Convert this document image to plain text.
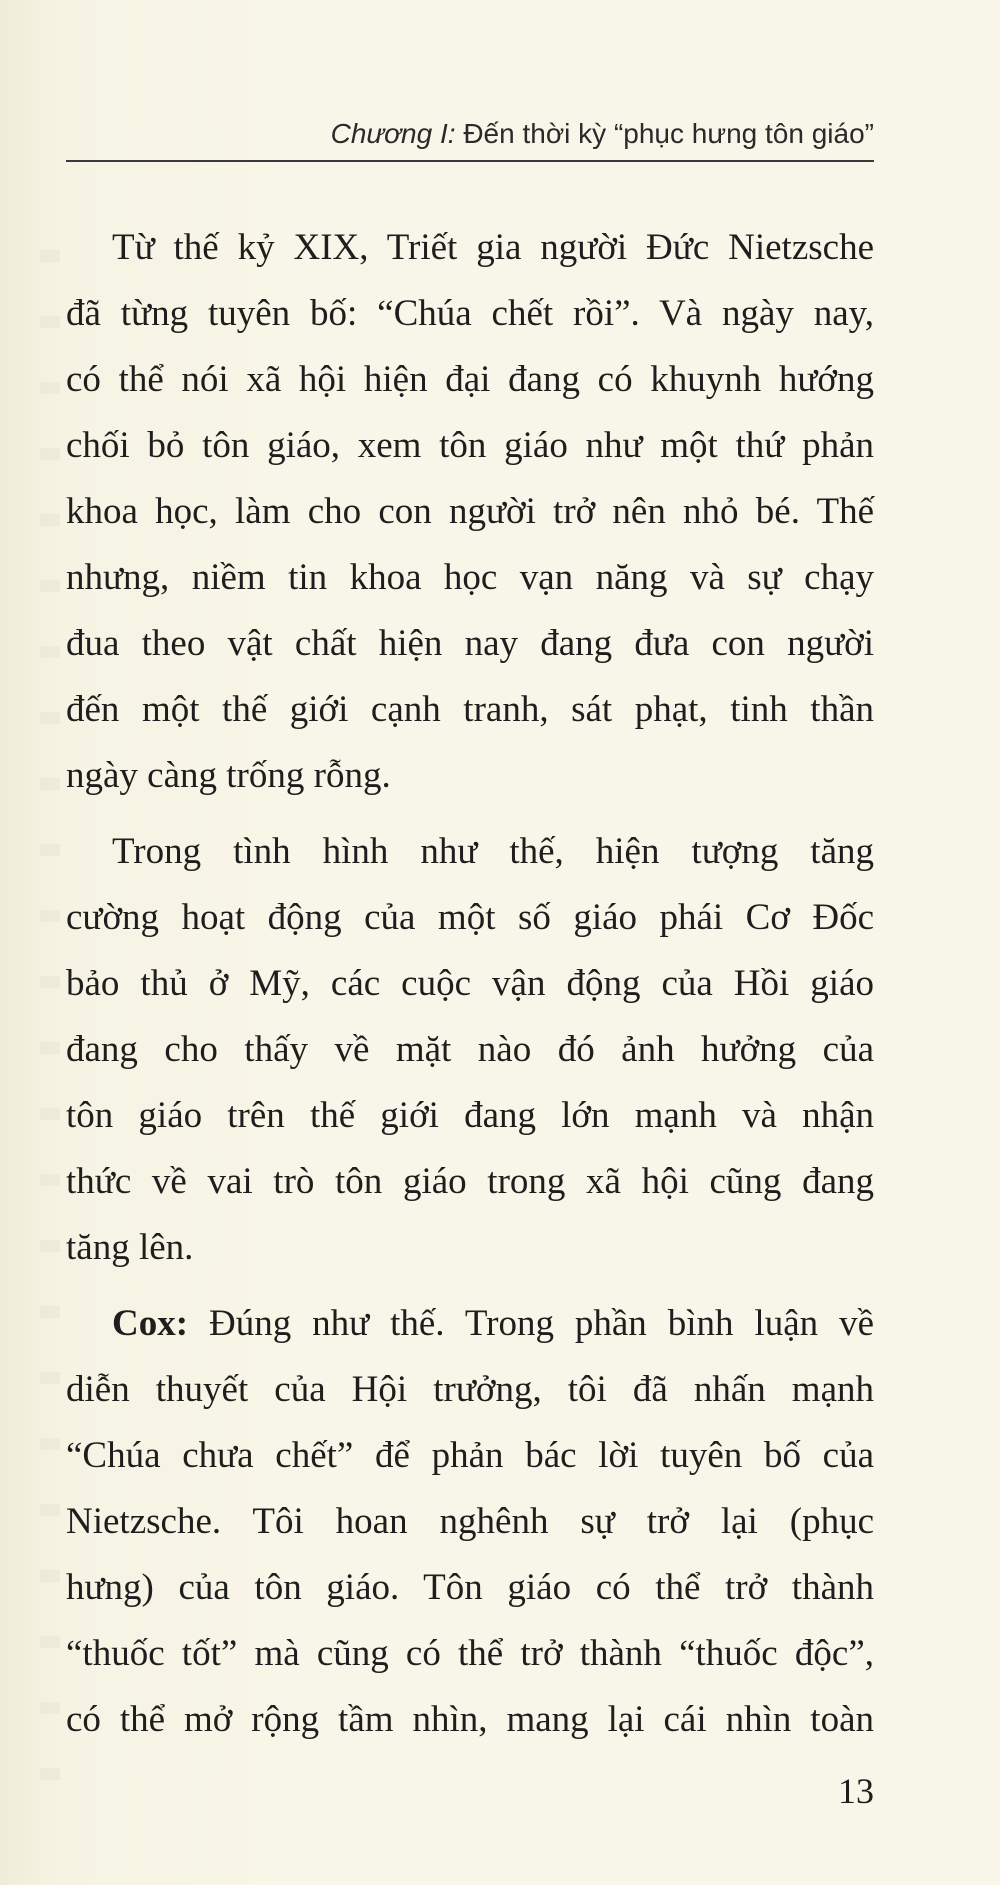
Chương I: Đến thời kỳ “phục hưng tôn giáo”
Từ thế kỷ XIX, Triết gia người Đức Nietzsche
đã từng tuyên bố: “Chúa chết rồi”. Và ngày nay,
có thể nói xã hội hiện đại đang có khuynh hướng
chối bỏ tôn giáo, xem tôn giáo như một thứ phản
khoa học, làm cho con người trở nên nhỏ bé. Thế
nhưng, niềm tin khoa học vạn năng và sự chạy
đua theo vật chất hiện nay đang đưa con người
đến một thế giới cạnh tranh, sát phạt, tinh thần
ngày càng trống rỗng.
Trong tình hình như thế, hiện tượng tăng
cường hoạt động của một số giáo phái Cơ Đốc
bảo thủ ở Mỹ, các cuộc vận động của Hồi giáo
đang cho thấy về mặt nào đó ảnh hưởng của
tôn giáo trên thế giới đang lớn mạnh và nhận
thức về vai trò tôn giáo trong xã hội cũng đang
tăng lên.
Cox: Đúng như thế. Trong phần bình luận về
diễn thuyết của Hội trưởng, tôi đã nhấn mạnh
“Chúa chưa chết” để phản bác lời tuyên bố của
Nietzsche. Tôi hoan nghênh sự trở lại (phục
hưng) của tôn giáo. Tôn giáo có thể trở thành
“thuốc tốt” mà cũng có thể trở thành “thuốc độc”,
có thể mở rộng tầm nhìn, mang lại cái nhìn toàn
13
